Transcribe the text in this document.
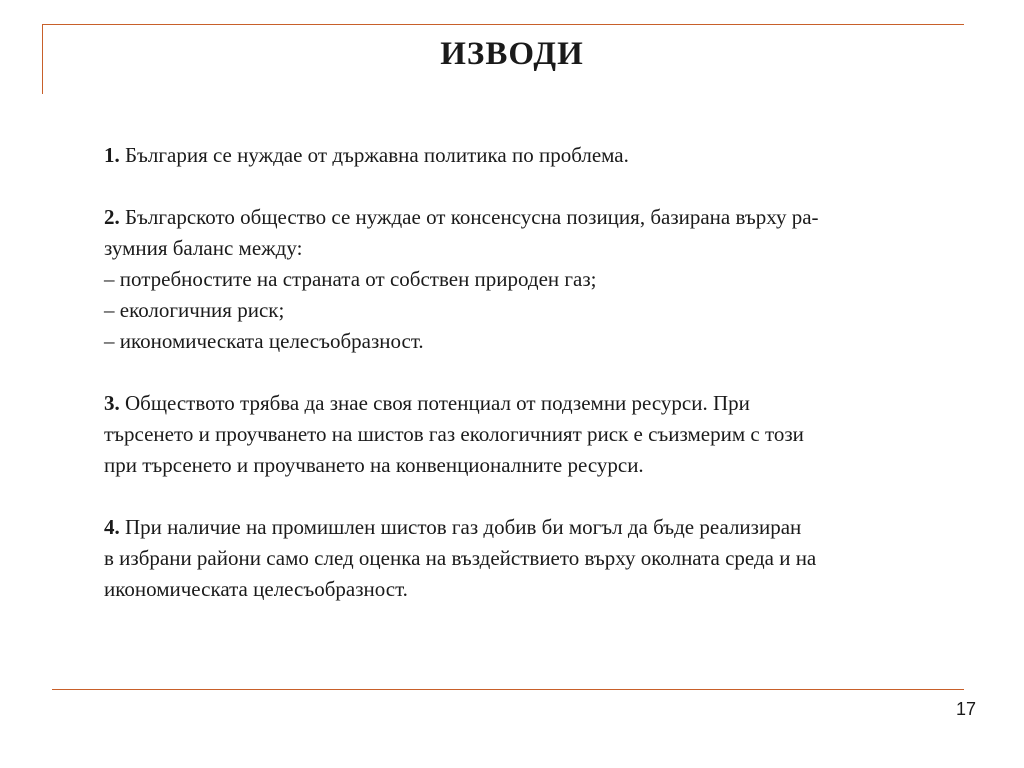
ИЗВОДИ
1. България се нуждае от държавна политика по проблема.
2. Българското общество се нуждае от консенсусна позиция, базирана върху ра-
зумния баланс между:
– потребностите на страната от собствен природен газ;
– екологичния риск;
– икономическата целесъобразност.
3. Обществото трябва да знае своя потенциал от подземни ресурси. При
търсенето и проучването на шистов газ екологичният риск е съизмерим с този
при търсенето и проучването на конвенционалните ресурси.
4. При наличие на промишлен шистов газ добив би могъл да бъде реализиран
в избрани райони само след оценка на въздействието върху околната среда и на
икономическата целесъобразност.
17
